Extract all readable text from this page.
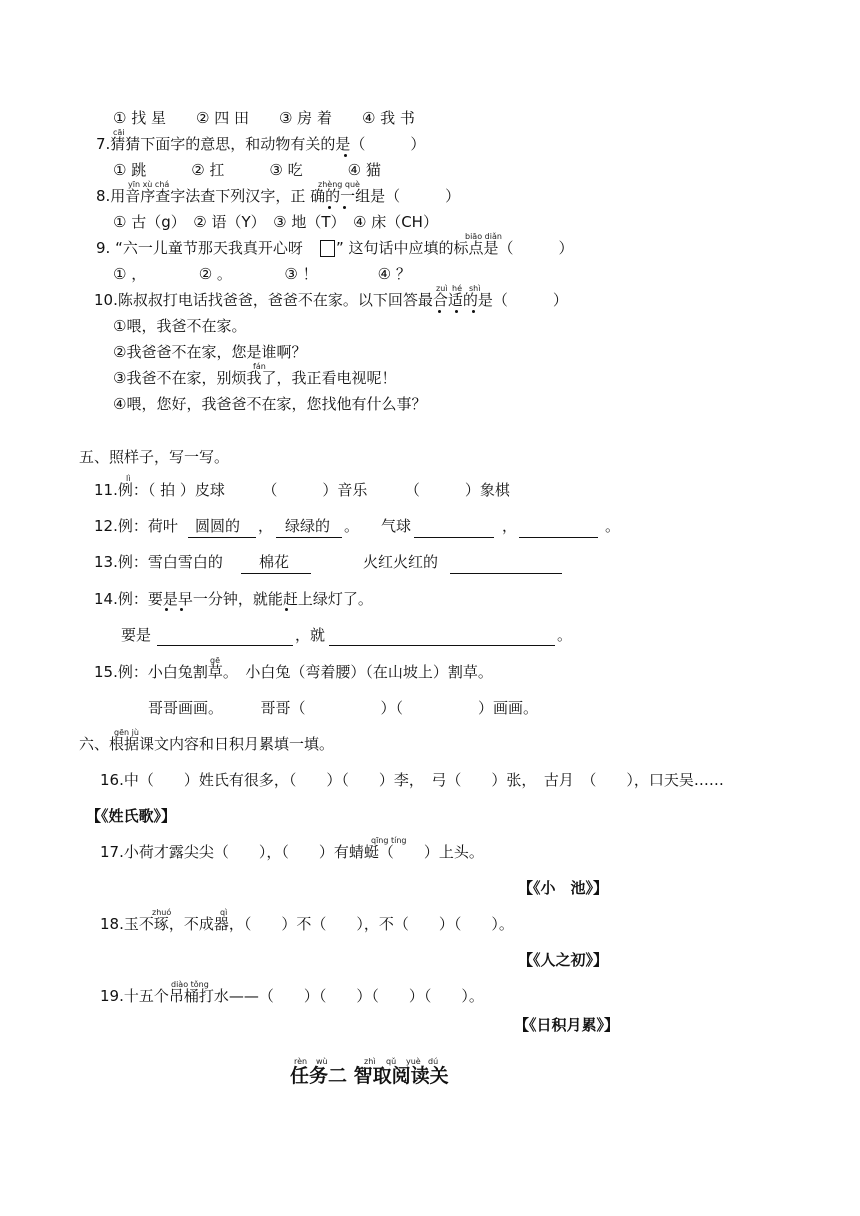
① 找 星　　② 四 田　　③ 房 着　　④ 我 书
cāi
7.猜猜下面字的意思，和动物有关的是（　　　）
① 跳　　　② 扛　　　③ 吃　　　④ 猫
yīn xù chá	zhèng què
8.用音序查字法查下列汉字，正 确的一组是（　　　）
① 古（g）　② 语（Y）　③ 地（T）　④ 床（CH）
biāo diǎn
9. “六一儿童节那天我真开心呀 ” 这句话中应填的标点是（　　　）
① ，　　　　② 。　　　　③ ！　　　　④ ？
zuì hé shì
10.陈叔叔打电话找爸爸，爸爸不在家。以下回答最合适的是（　　　）
①喂，我爸不在家。
②我爸爸不在家，您是谁啊？
fán
③我爸不在家，别烦我了，我正看电视呢！
④喂，您好，我爸爸不在家，您找他有什么事？
五、照样子，写一写。
lì
11.例：（ 拍 ）皮球　　　（　　　）音乐　　　（　　　）象棋
12.例：荷叶 圆圆的 ， 绿绿的 。 气球	，	。
13.例：雪白雪白的 棉花	火红火红的
14.例：要是早一分钟，就能赶上绿灯了。
要是	，就	。
gē
15.例：小白兔割草。　小白兔（弯着腰）（在山坡上）割草。
哥哥画画。　　　哥哥（　　　　　）（　　　　　）画画。
gēn jù
六、根据课文内容和日积月累填一填。
16.中（　　）姓氏有很多，（　　）（　　）李，　弓（　　）张，　古月　（　　），口天吴……
【《姓氏歌》】
qīng tíng
17.小荷才露尖尖（　　），（　　）有蜻蜓（　　）上头。
【《小　池》】
zhuó	qì
18.玉不琢，不成器，（　　）不（　　），不（　　）（　　）。
【《人之初》】
diào tǒng
19.十五个吊桶打水——（　　）（　　）（　　）（　　）。
【《日积月累》】
rèn wù	zhì qǔ yuè dú
任务二 智取阅读关
